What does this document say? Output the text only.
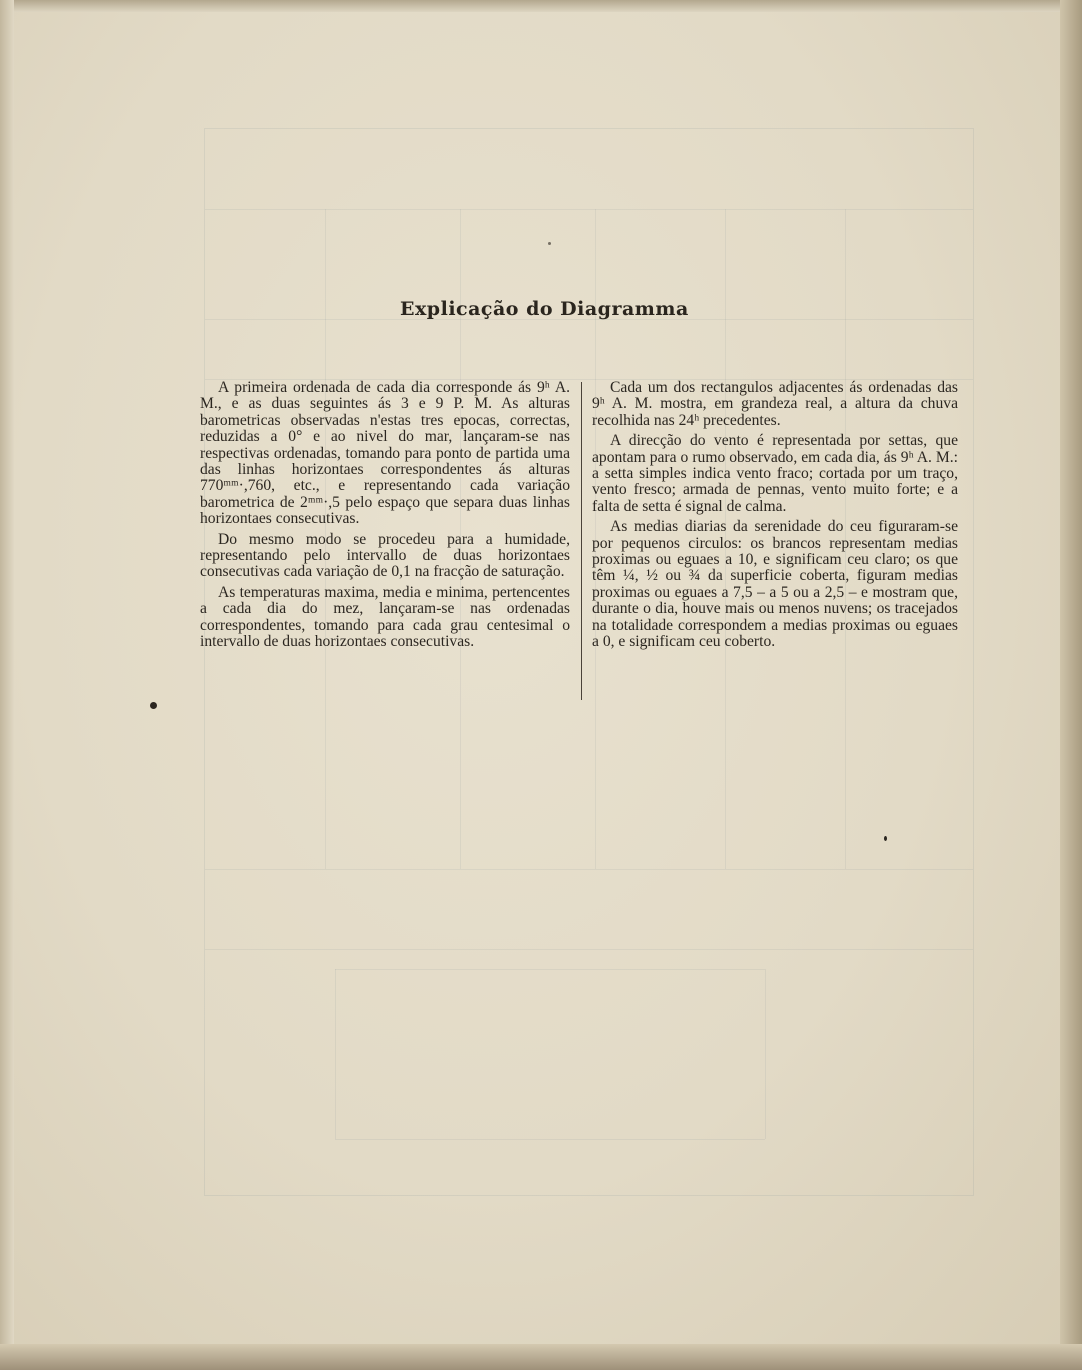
Explicação do Diagramma

A primeira ordenada de cada dia corresponde ás 9ʰ A. M., e as duas seguintes ás 3 e 9 P. M. As alturas barometricas observadas n'estas tres epocas, correctas, reduzidas a 0° e ao nivel do mar, lançaram-se nas respectivas ordenadas, tomando para ponto de partida uma das linhas horizontaes correspondentes ás alturas 770ᵐᵐ·,760, etc., e representando cada variação barometrica de 2ᵐᵐ·,5 pelo espaço que separa duas linhas horizontaes consecutivas.

Do mesmo modo se procedeu para a humidade, representando pelo intervallo de duas horizontaes consecutivas cada variação de 0,1 na fracção de saturação.

As temperaturas maxima, media e minima, pertencentes a cada dia do mez, lançaram-se nas ordenadas correspondentes, tomando para cada grau centesimal o intervallo de duas horizontaes consecutivas.

Cada um dos rectangulos adjacentes ás ordenadas das 9ʰ A. M. mostra, em grandeza real, a altura da chuva recolhida nas 24ʰ precedentes.

A direcção do vento é representada por settas, que apontam para o rumo observado, em cada dia, ás 9ʰ A. M.: a setta simples indica vento fraco; cortada por um traço, vento fresco; armada de pennas, vento muito forte; e a falta de setta é signal de calma.

As medias diarias da serenidade do ceu figuraram-se por pequenos circulos: os brancos representam medias proximas ou eguaes a 10, e significam ceu claro; os que têm ¼, ½ ou ¾ da superficie coberta, figuram medias proximas ou eguaes a 7,5 – a 5 ou a 2,5 – e mostram que, durante o dia, houve mais ou menos nuvens; os tracejados na totalidade correspondem a medias proximas ou eguaes a 0, e significam ceu coberto.
